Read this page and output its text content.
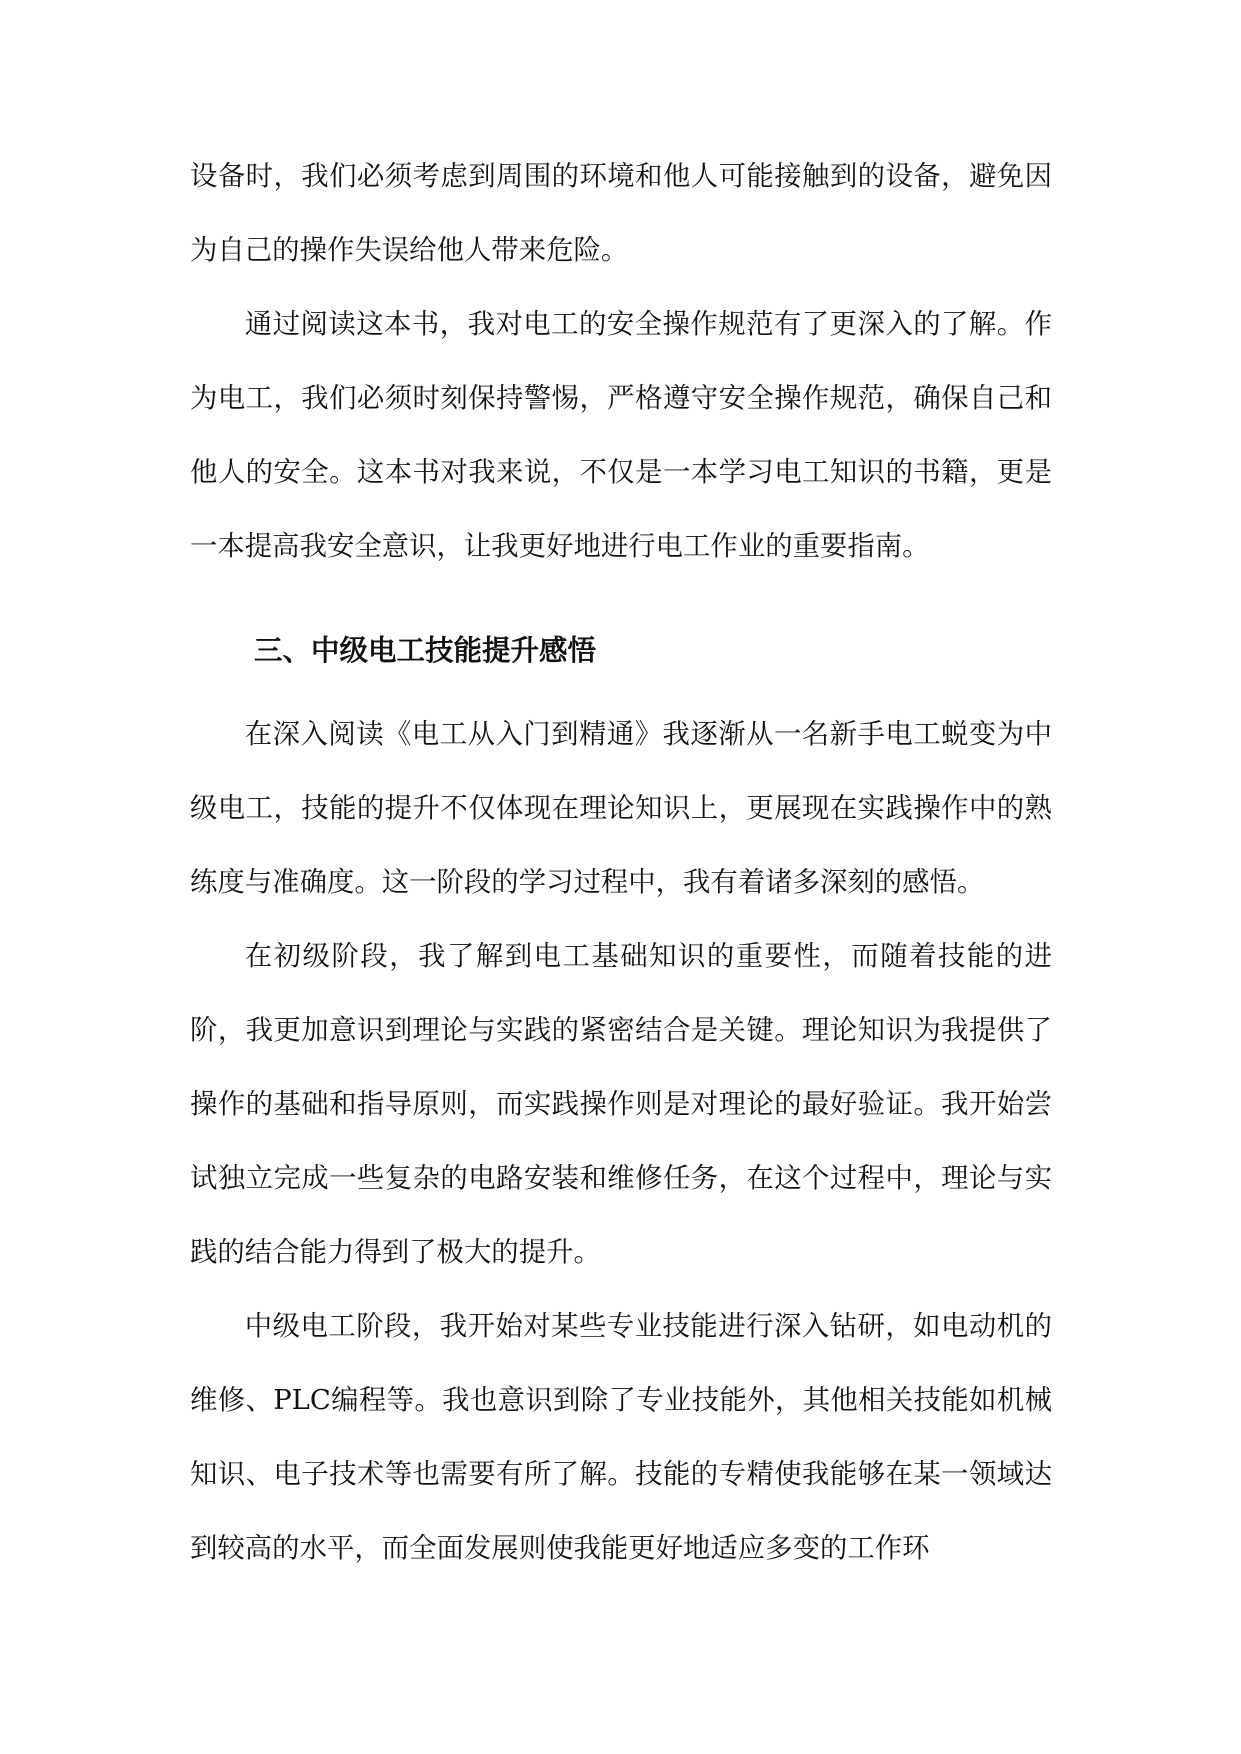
设备时，我们必须考虑到周围的环境和他人可能接触到的设备，避免因为自己的操作失误给他人带来危险。

通过阅读这本书，我对电工的安全操作规范有了更深入的了解。作为电工，我们必须时刻保持警惕，严格遵守安全操作规范，确保自己和他人的安全。这本书对我来说，不仅是一本学习电工知识的书籍，更是一本提高我安全意识，让我更好地进行电工作业的重要指南。

三、中级电工技能提升感悟

在深入阅读《电工从入门到精通》我逐渐从一名新手电工蜕变为中级电工，技能的提升不仅体现在理论知识上，更展现在实践操作中的熟练度与准确度。这一阶段的学习过程中，我有着诸多深刻的感悟。

在初级阶段，我了解到电工基础知识的重要性，而随着技能的进阶，我更加意识到理论与实践的紧密结合是关键。理论知识为我提供了操作的基础和指导原则，而实践操作则是对理论的最好验证。我开始尝试独立完成一些复杂的电路安装和维修任务，在这个过程中，理论与实践的结合能力得到了极大的提升。

中级电工阶段，我开始对某些专业技能进行深入钻研，如电动机的维修、PLC编程等。我也意识到除了专业技能外，其他相关技能如机械知识、电子技术等也需要有所了解。技能的专精使我能够在某一领域达到较高的水平，而全面发展则使我能更好地适应多变的工作环
